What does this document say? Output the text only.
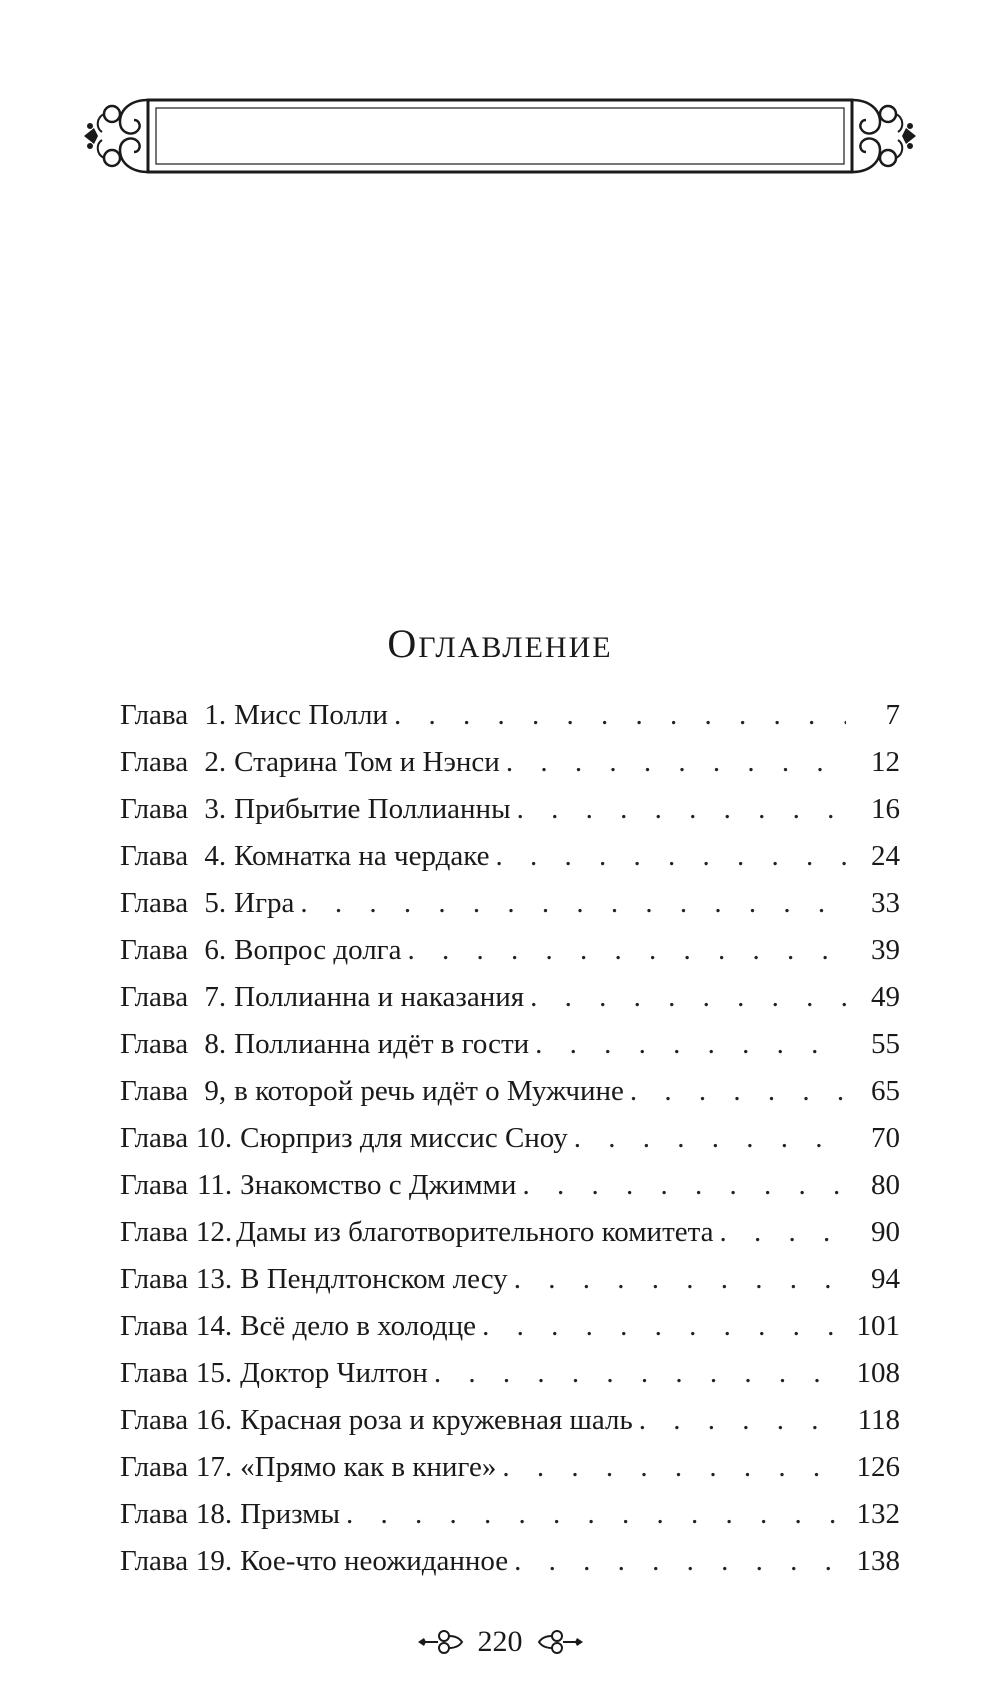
ОГЛАВЛЕНИЕ
Глава 1. Мисс Полли . . .	7
Глава 2. Старина Том и Нэнси . . .	12
Глава 3. Прибытие Поллианны . . .	16
Глава 4. Комнатка на чердаке . . .	24
Глава 5. Игра . . .	33
Глава 6. Вопрос долга . . .	39
Глава 7. Поллианна и наказания . . .	49
Глава 8. Поллианна идёт в гости . . .	55
Глава 9, в которой речь идёт о Мужчине . . .	65
Глава 10. Сюрприз для миссис Сноу . . .	70
Глава 11. Знакомство с Джимми . . .	80
Глава 12. Дамы из благотворительного комитета . . .	90
Глава 13. В Пендлтонском лесу . . .	94
Глава 14. Всё дело в холодце . . .	101
Глава 15. Доктор Чилтон . . .	108
Глава 16. Красная роза и кружевная шаль . . .	118
Глава 17. «Прямо как в книге» . . .	126
Глава 18. Призмы . . .	132
Глава 19. Кое-что неожиданное . . .	138
220
